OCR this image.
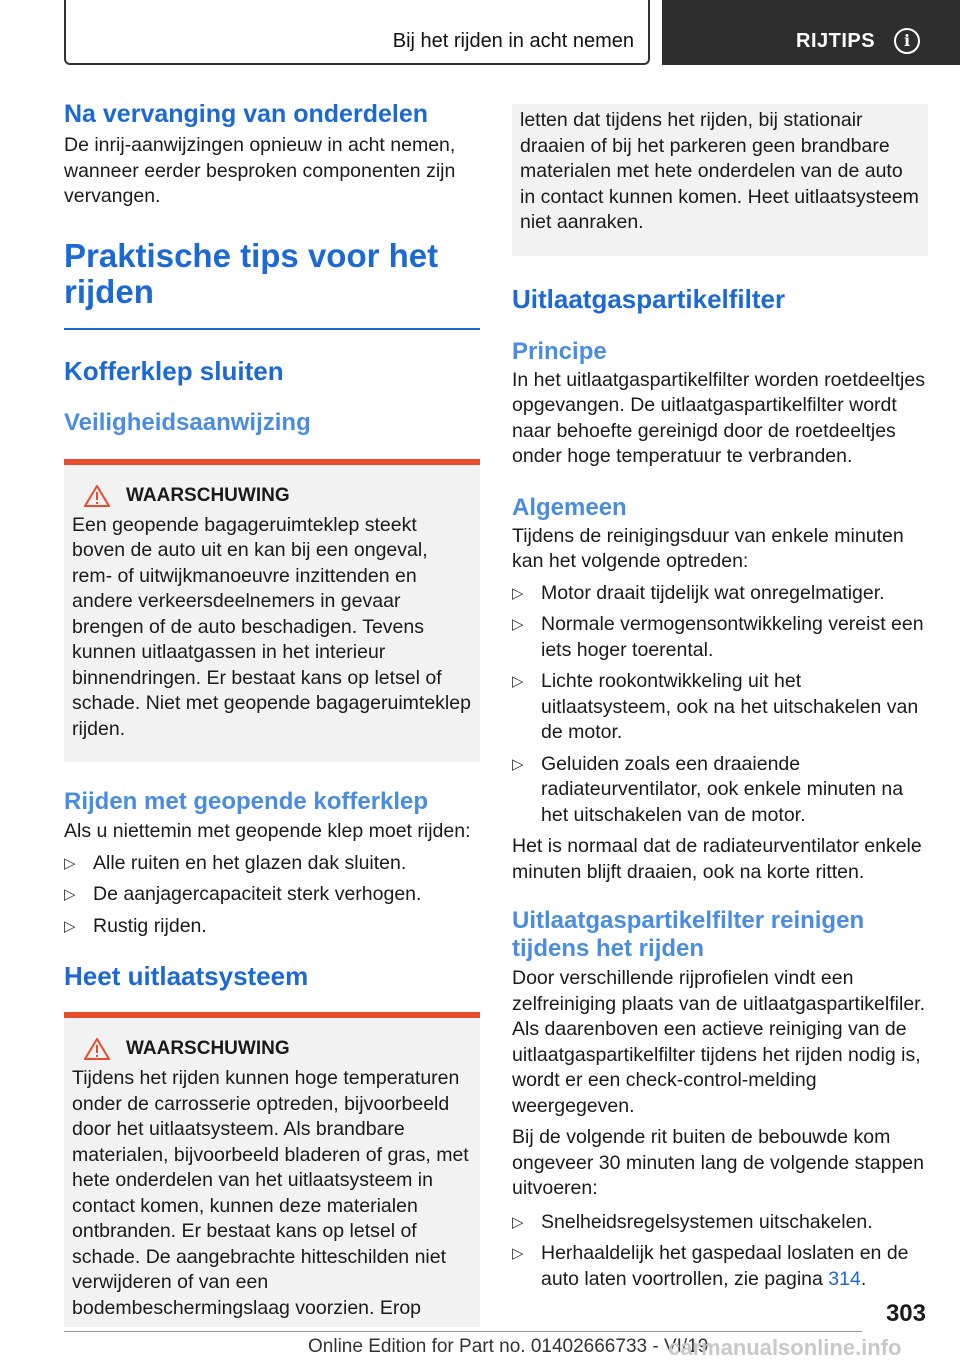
Bij het rijden in acht nemen	RIJTIPS	i
Na vervanging van onderdelen

De inrij-aanwijzingen opnieuw in acht nemen, wanneer eerder besproken componenten zijn vervangen.

Praktische tips voor het rijden
Kofferklep sluiten
Veiligheidsaanwijzing
WAARSCHUWING

Een geopende bagageruimteklep steekt boven de auto uit en kan bij een ongeval, rem- of uitwijkmanoeuvre inzittenden en andere verkeersdeelnemers in gevaar brengen of de auto beschadigen. Tevens kunnen uitlaatgassen in het interieur binnendringen. Er bestaat kans op letsel of schade. Niet met geopende bagageruimteklep rijden.

Rijden met geopende kofferklep

Als u niettemin met geopende klep moet rijden:

▷ Alle ruiten en het glazen dak sluiten.
▷ De aanjagercapaciteit sterk verhogen.
▷ Rustig rijden.
Heet uitlaatsysteem
WAARSCHUWING

Tijdens het rijden kunnen hoge temperaturen onder de carrosserie optreden, bijvoorbeeld door het uitlaatsysteem. Als brandbare materialen, bijvoorbeeld bladeren of gras, met hete onderdelen van het uitlaatsysteem in contact komen, kunnen deze materialen ontbranden. Er bestaat kans op letsel of schade. De aangebrachte hitteschilden niet verwijderen of van een bodembeschermingslaag voorzien. Erop

letten dat tijdens het rijden, bij stationair draaien of bij het parkeren geen brandbare materialen met hete onderdelen van de auto in contact kunnen komen. Heet uitlaatsysteem niet aanraken.

Uitlaatgaspartikelfilter
Principe

In het uitlaatgaspartikelfilter worden roetdeeltjes opgevangen. De uitlaatgaspartikelfilter wordt naar behoefte gereinigd door de roetdeeltjes onder hoge temperatuur te verbranden.

Algemeen

Tijdens de reinigingsduur van enkele minuten kan het volgende optreden:

▷ Motor draait tijdelijk wat onregelmatiger.
▷ Normale vermogensontwikkeling vereist een iets hoger toerental.
▷ Lichte rookontwikkeling uit het uitlaatsysteem, ook na het uitschakelen van de motor.
▷ Geluiden zoals een draaiende radiateurventilator, ook enkele minuten na het uitschakelen van de motor.

Het is normaal dat de radiateurventilator enkele minuten blijft draaien, ook na korte ritten.

Uitlaatgaspartikelfilter reinigen tijdens het rijden

Door verschillende rijprofielen vindt een zelfreiniging plaats van de uitlaatgaspartikelfiler. Als daarenboven een actieve reiniging van de uitlaatgaspartikelfilter tijdens het rijden nodig is, wordt er een check-control-melding weergegeven.

Bij de volgende rit buiten de bebouwde kom ongeveer 30 minuten lang de volgende stappen uitvoeren:

▷ Snelheidsregelsystemen uitschakelen.
▷ Herhaaldelijk het gaspedaal loslaten en de auto laten voortrollen, zie pagina 314.
303
Online Edition for Part no. 01402666733 - VI/19
carmanualsonline.info
